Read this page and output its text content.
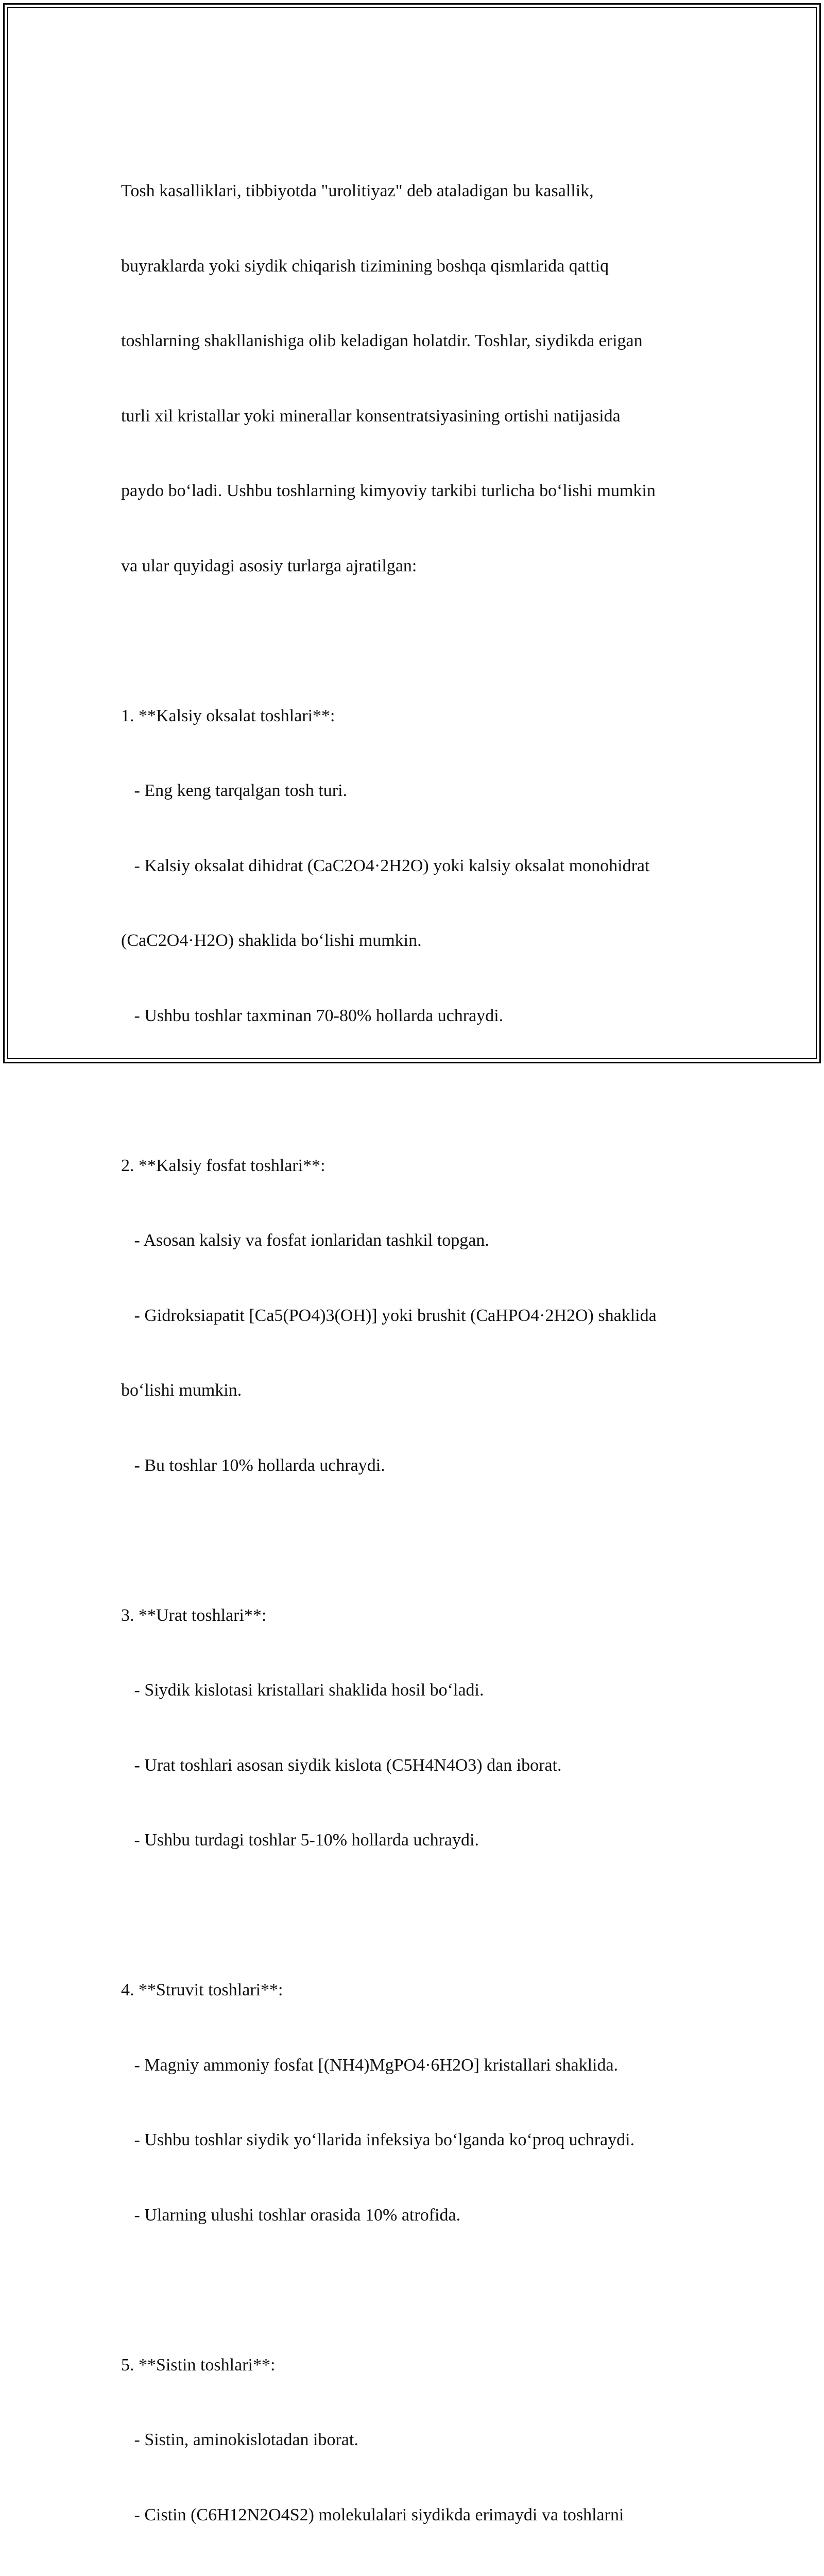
Tosh kasalliklari, tibbiyotda "urolitiyaz" deb ataladigan bu kasallik,

buyraklarda yoki siydik chiqarish tizimining boshqa qismlarida qattiq

toshlarning shakllanishiga olib keladigan holatdir. Toshlar, siydikda erigan

turli xil kristallar yoki minerallar konsentratsiyasining ortishi natijasida

paydo boʻladi. Ushbu toshlarning kimyoviy tarkibi turlicha boʻlishi mumkin

va ular quyidagi asosiy turlarga ajratilgan:

1. **Kalsiy oksalat toshlari**:

- Eng keng tarqalgan tosh turi.

- Kalsiy oksalat dihidrat (CaC2O4·2H2O) yoki kalsiy oksalat monohidrat

(CaC2O4·H2O) shaklida boʻlishi mumkin.

- Ushbu toshlar taxminan 70-80% hollarda uchraydi.

2. **Kalsiy fosfat toshlari**:

- Asosan kalsiy va fosfat ionlaridan tashkil topgan.

- Gidroksiapatit [Ca5(PO4)3(OH)] yoki brushit (CaHPO4·2H2O) shaklida

boʻlishi mumkin.

- Bu toshlar 10% hollarda uchraydi.

3. **Urat toshlari**:

- Siydik kislotasi kristallari shaklida hosil boʻladi.

- Urat toshlari asosan siydik kislota (C5H4N4O3) dan iborat.

- Ushbu turdagi toshlar 5-10% hollarda uchraydi.

4. **Struvit toshlari**:

- Magniy ammoniy fosfat [(NH4)MgPO4·6H2O] kristallari shaklida.

- Ushbu toshlar siydik yoʻllarida infeksiya boʻlganda koʻproq uchraydi.

- Ularning ulushi toshlar orasida 10% atrofida.

5. **Sistin toshlari**:

- Sistin, aminokislotadan iborat.

- Cistin (C6H12N2O4S2) molekulalari siydikda erimaydi va toshlarni
